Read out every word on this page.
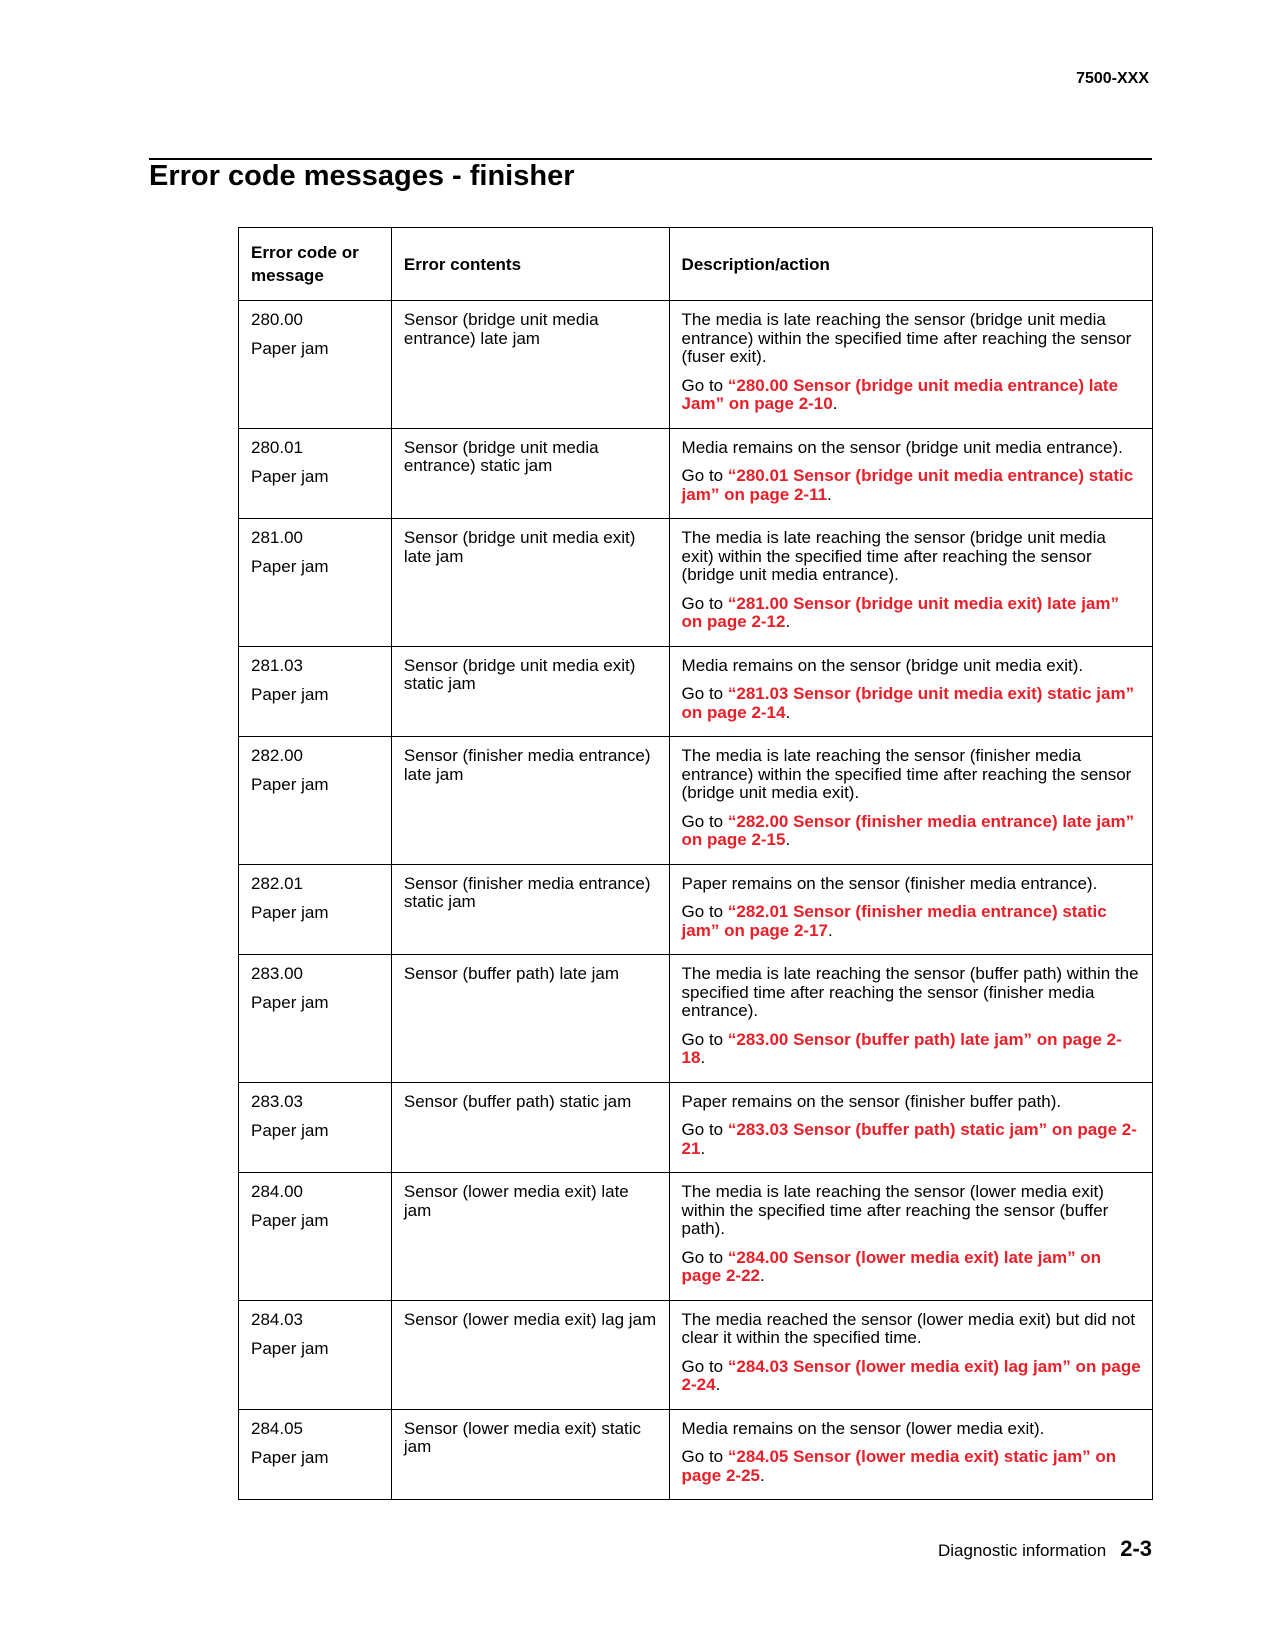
7500-XXX
Error code messages - finisher
Error code or message	Error contents	Description/action

280.00
Paper jam	Sensor (bridge unit media entrance) late jam	The media is late reaching the sensor (bridge unit media entrance) within the specified time after reaching the sensor (fuser exit).
Go to “280.00 Sensor (bridge unit media entrance) late Jam” on page 2-10.

280.01
Paper jam	Sensor (bridge unit media entrance) static jam	Media remains on the sensor (bridge unit media entrance).
Go to “280.01 Sensor (bridge unit media entrance) static jam” on page 2-11.

281.00
Paper jam	Sensor (bridge unit media exit) late jam	The media is late reaching the sensor (bridge unit media exit) within the specified time after reaching the sensor (bridge unit media entrance).
Go to “281.00 Sensor (bridge unit media exit) late jam” on page 2-12.

281.03
Paper jam	Sensor (bridge unit media exit) static jam	Media remains on the sensor (bridge unit media exit).
Go to “281.03 Sensor (bridge unit media exit) static jam” on page 2-14.

282.00
Paper jam	Sensor (finisher media entrance) late jam	The media is late reaching the sensor (finisher media entrance) within the specified time after reaching the sensor (bridge unit media exit).
Go to “282.00 Sensor (finisher media entrance) late jam” on page 2-15.

282.01
Paper jam	Sensor (finisher media entrance) static jam	Paper remains on the sensor (finisher media entrance).
Go to “282.01 Sensor (finisher media entrance) static jam” on page 2-17.

283.00
Paper jam	Sensor (buffer path) late jam	The media is late reaching the sensor (buffer path) within the specified time after reaching the sensor (finisher media entrance).
Go to “283.00 Sensor (buffer path) late jam” on page 2-18.

283.03
Paper jam	Sensor (buffer path) static jam	Paper remains on the sensor (finisher buffer path).
Go to “283.03 Sensor (buffer path) static jam” on page 2-21.

284.00
Paper jam	Sensor (lower media exit) late jam	The media is late reaching the sensor (lower media exit) within the specified time after reaching the sensor (buffer path).
Go to “284.00 Sensor (lower media exit) late jam” on page 2-22.

284.03
Paper jam	Sensor (lower media exit) lag jam	The media reached the sensor (lower media exit) but did not clear it within the specified time.
Go to “284.03 Sensor (lower media exit) lag jam” on page 2-24.

284.05
Paper jam	Sensor (lower media exit) static jam	Media remains on the sensor (lower media exit).
Go to “284.05 Sensor (lower media exit) static jam” on page 2-25.
Diagnostic information 2-3
